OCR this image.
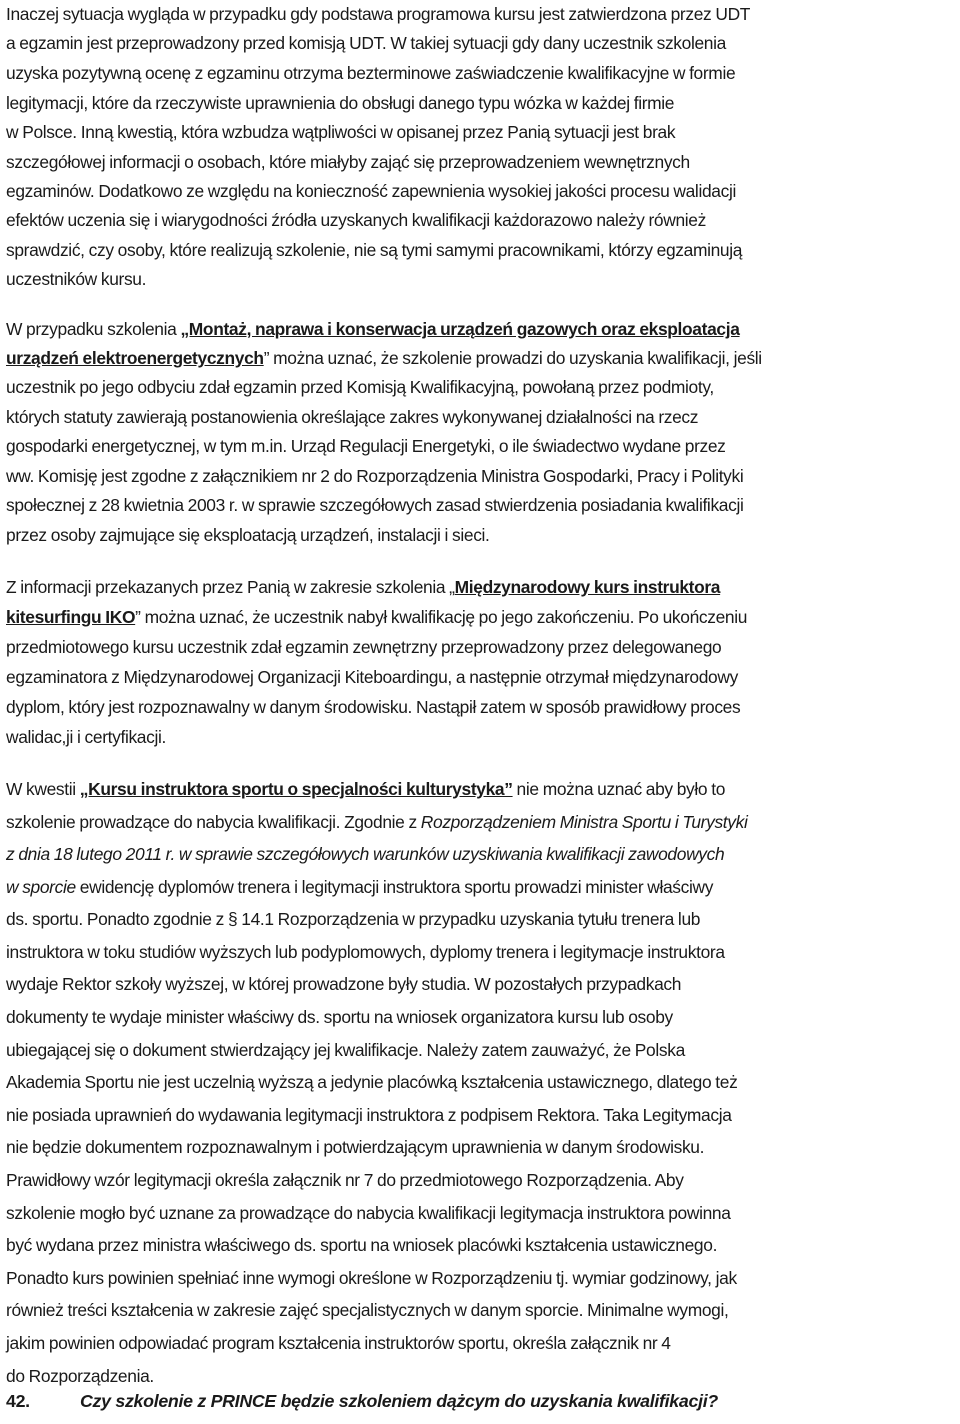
Inaczej sytuacja wygląda w przypadku gdy podstawa programowa kursu jest zatwierdzona przez UDT
a egzamin jest przeprowadzony przed komisją UDT. W takiej sytuacji gdy dany uczestnik szkolenia
uzyska pozytywną ocenę z egzaminu otrzyma bezterminowe zaświadczenie kwalifikacyjne w formie
legitymacji, które da rzeczywiste uprawnienia do obsługi danego typu wózka w każdej firmie
w Polsce. Inną kwestią, która wzbudza wątpliwości w opisanej przez Panią sytuacji jest brak
szczegółowej informacji o osobach, które miałyby zająć się przeprowadzeniem wewnętrznych
egzaminów. Dodatkowo ze względu na konieczność zapewnienia wysokiej jakości procesu walidacji
efektów uczenia się i wiarygodności źródła uzyskanych kwalifikacji każdorazowo należy również
sprawdzić, czy osoby, które realizują szkolenie, nie są tymi samymi pracownikami, którzy egzaminują
uczestników kursu.

W przypadku szkolenia „Montaż, naprawa i konserwacja urządzeń gazowych oraz eksploatacja
urządzeń elektroenergetycznych” można uznać, że szkolenie prowadzi do uzyskania kwalifikacji, jeśli
uczestnik po jego odbyciu zdał egzamin przed Komisją Kwalifikacyjną, powołaną przez podmioty,
których statuty zawierają postanowienia określające zakres wykonywanej działalności na rzecz
gospodarki energetycznej, w tym m.in. Urząd Regulacji Energetyki, o ile świadectwo wydane przez
ww. Komisję jest zgodne z załącznikiem nr 2 do Rozporządzenia Ministra Gospodarki, Pracy i Polityki
społecznej z 28 kwietnia 2003 r. w sprawie szczegółowych zasad stwierdzenia posiadania kwalifikacji
przez osoby zajmujące się eksploatacją urządzeń, instalacji i sieci.

Z informacji przekazanych przez Panią w zakresie szkolenia „Międzynarodowy kurs instruktora
kitesurfingu IKO” można uznać, że uczestnik nabył kwalifikację po jego zakończeniu. Po ukończeniu
przedmiotowego kursu uczestnik zdał egzamin zewnętrzny przeprowadzony przez delegowanego
egzaminatora z Międzynarodowej Organizacji Kiteboardingu, a następnie otrzymał międzynarodowy
dyplom, który jest rozpoznawalny w danym środowisku. Nastąpił zatem w sposób prawidłowy proces
walidac,ji i certyfikacji.

W kwestii „Kursu instruktora sportu o specjalności kulturystyka” nie można uznać aby było to
szkolenie prowadzące do nabycia kwalifikacji. Zgodnie z Rozporządzeniem Ministra Sportu i Turystyki
z dnia 18 lutego 2011 r. w sprawie szczegółowych warunków uzyskiwania kwalifikacji zawodowych
w sporcie ewidencję dyplomów trenera i legitymacji instruktora sportu prowadzi minister właściwy
ds. sportu. Ponadto zgodnie z § 14.1 Rozporządzenia w przypadku uzyskania tytułu trenera lub
instruktora w toku studiów wyższych lub podyplomowych, dyplomy trenera i legitymacje instruktora
wydaje Rektor szkoły wyższej, w której prowadzone były studia. W pozostałych przypadkach
dokumenty te wydaje minister właściwy ds. sportu na wniosek organizatora kursu lub osoby
ubiegającej się o dokument stwierdzający jej kwalifikacje. Należy zatem zauważyć, że Polska
Akademia Sportu nie jest uczelnią wyższą a jedynie placówką kształcenia ustawicznego, dlatego też
nie posiada uprawnień do wydawania legitymacji instruktora z podpisem Rektora. Taka Legitymacja
nie będzie dokumentem rozpoznawalnym i potwierdzającym uprawnienia w danym środowisku.
Prawidłowy wzór legitymacji określa załącznik nr 7 do przedmiotowego Rozporządzenia. Aby
szkolenie mogło być uznane za prowadzące do nabycia kwalifikacji legitymacja instruktora powinna
być wydana przez ministra właściwego ds. sportu na wniosek placówki kształcenia ustawicznego.
Ponadto kurs powinien spełniać inne wymogi określone w Rozporządzeniu tj. wymiar godzinowy, jak
również treści kształcenia w zakresie zajęć specjalistycznych w danym sporcie. Minimalne wymogi,
jakim powinien odpowiadać program kształcenia instruktorów sportu, określa załącznik nr 4
do Rozporządzenia.

42.	Czy szkolenie z PRINCE będzie szkoleniem dążcym do uzyskania kwalifikacji?
